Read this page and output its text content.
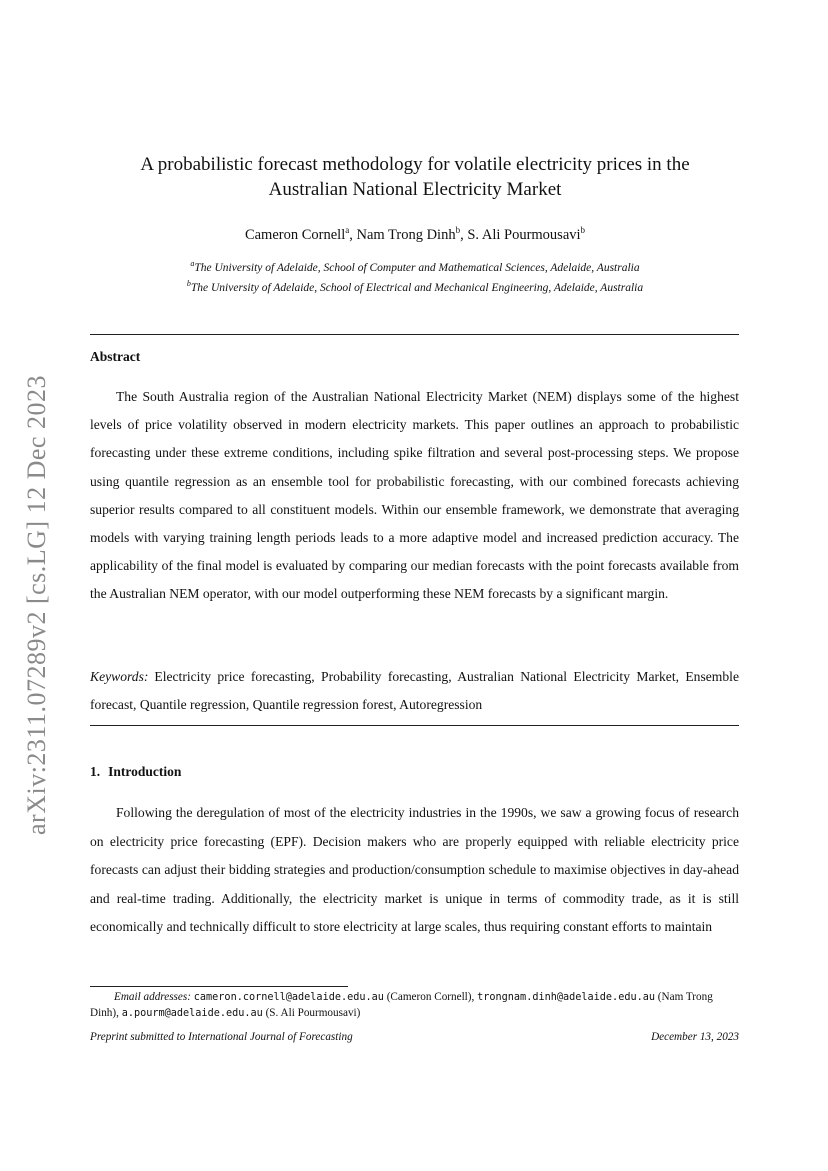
arXiv:2311.07289v2 [cs.LG] 12 Dec 2023
A probabilistic forecast methodology for volatile electricity prices in the
Australian National Electricity Market
Cameron Cornell$^a$, Nam Trong Dinh$^b$, S. Ali Pourmousavi$^b$
$^a$The University of Adelaide, School of Computer and Mathematical Sciences, Adelaide, Australia
$^b$The University of Adelaide, School of Electrical and Mechanical Engineering, Adelaide, Australia
Abstract

The South Australia region of the Australian National Electricity Market (NEM) displays some of the highest levels of price volatility observed in modern electricity markets. This paper outlines an approach to probabilistic forecasting under these extreme conditions, including spike filtration and several post-processing steps. We propose using quantile regression as an ensemble tool for probabilistic forecasting, with our combined forecasts achieving superior results compared to all constituent models. Within our ensemble framework, we demonstrate that averaging models with varying training length periods leads to a more adaptive model and increased prediction accuracy. The applicability of the final model is evaluated by comparing our median forecasts with the point forecasts available from the Australian NEM operator, with our model outperforming these NEM forecasts by a significant margin.

Keywords: Electricity price forecasting, Probability forecasting, Australian National Electricity Market, Ensemble forecast, Quantile regression, Quantile regression forest, Autoregression

1. Introduction

Following the deregulation of most of the electricity industries in the 1990s, we saw a growing focus of research on electricity price forecasting (EPF). Decision makers who are properly equipped with reliable electricity price forecasts can adjust their bidding strategies and production/consumption schedule to maximise objectives in day-ahead and real-time trading. Additionally, the electricity market is unique in terms of commodity trade, as it is still economically and technically difficult to store electricity at large scales, thus requiring constant efforts to maintain

Email addresses: cameron.cornell@adelaide.edu.au (Cameron Cornell), trongnam.dinh@adelaide.edu.au (Nam Trong Dinh), a.pourm@adelaide.edu.au (S. Ali Pourmousavi)

Preprint submitted to International Journal of Forecasting	December 13, 2023
